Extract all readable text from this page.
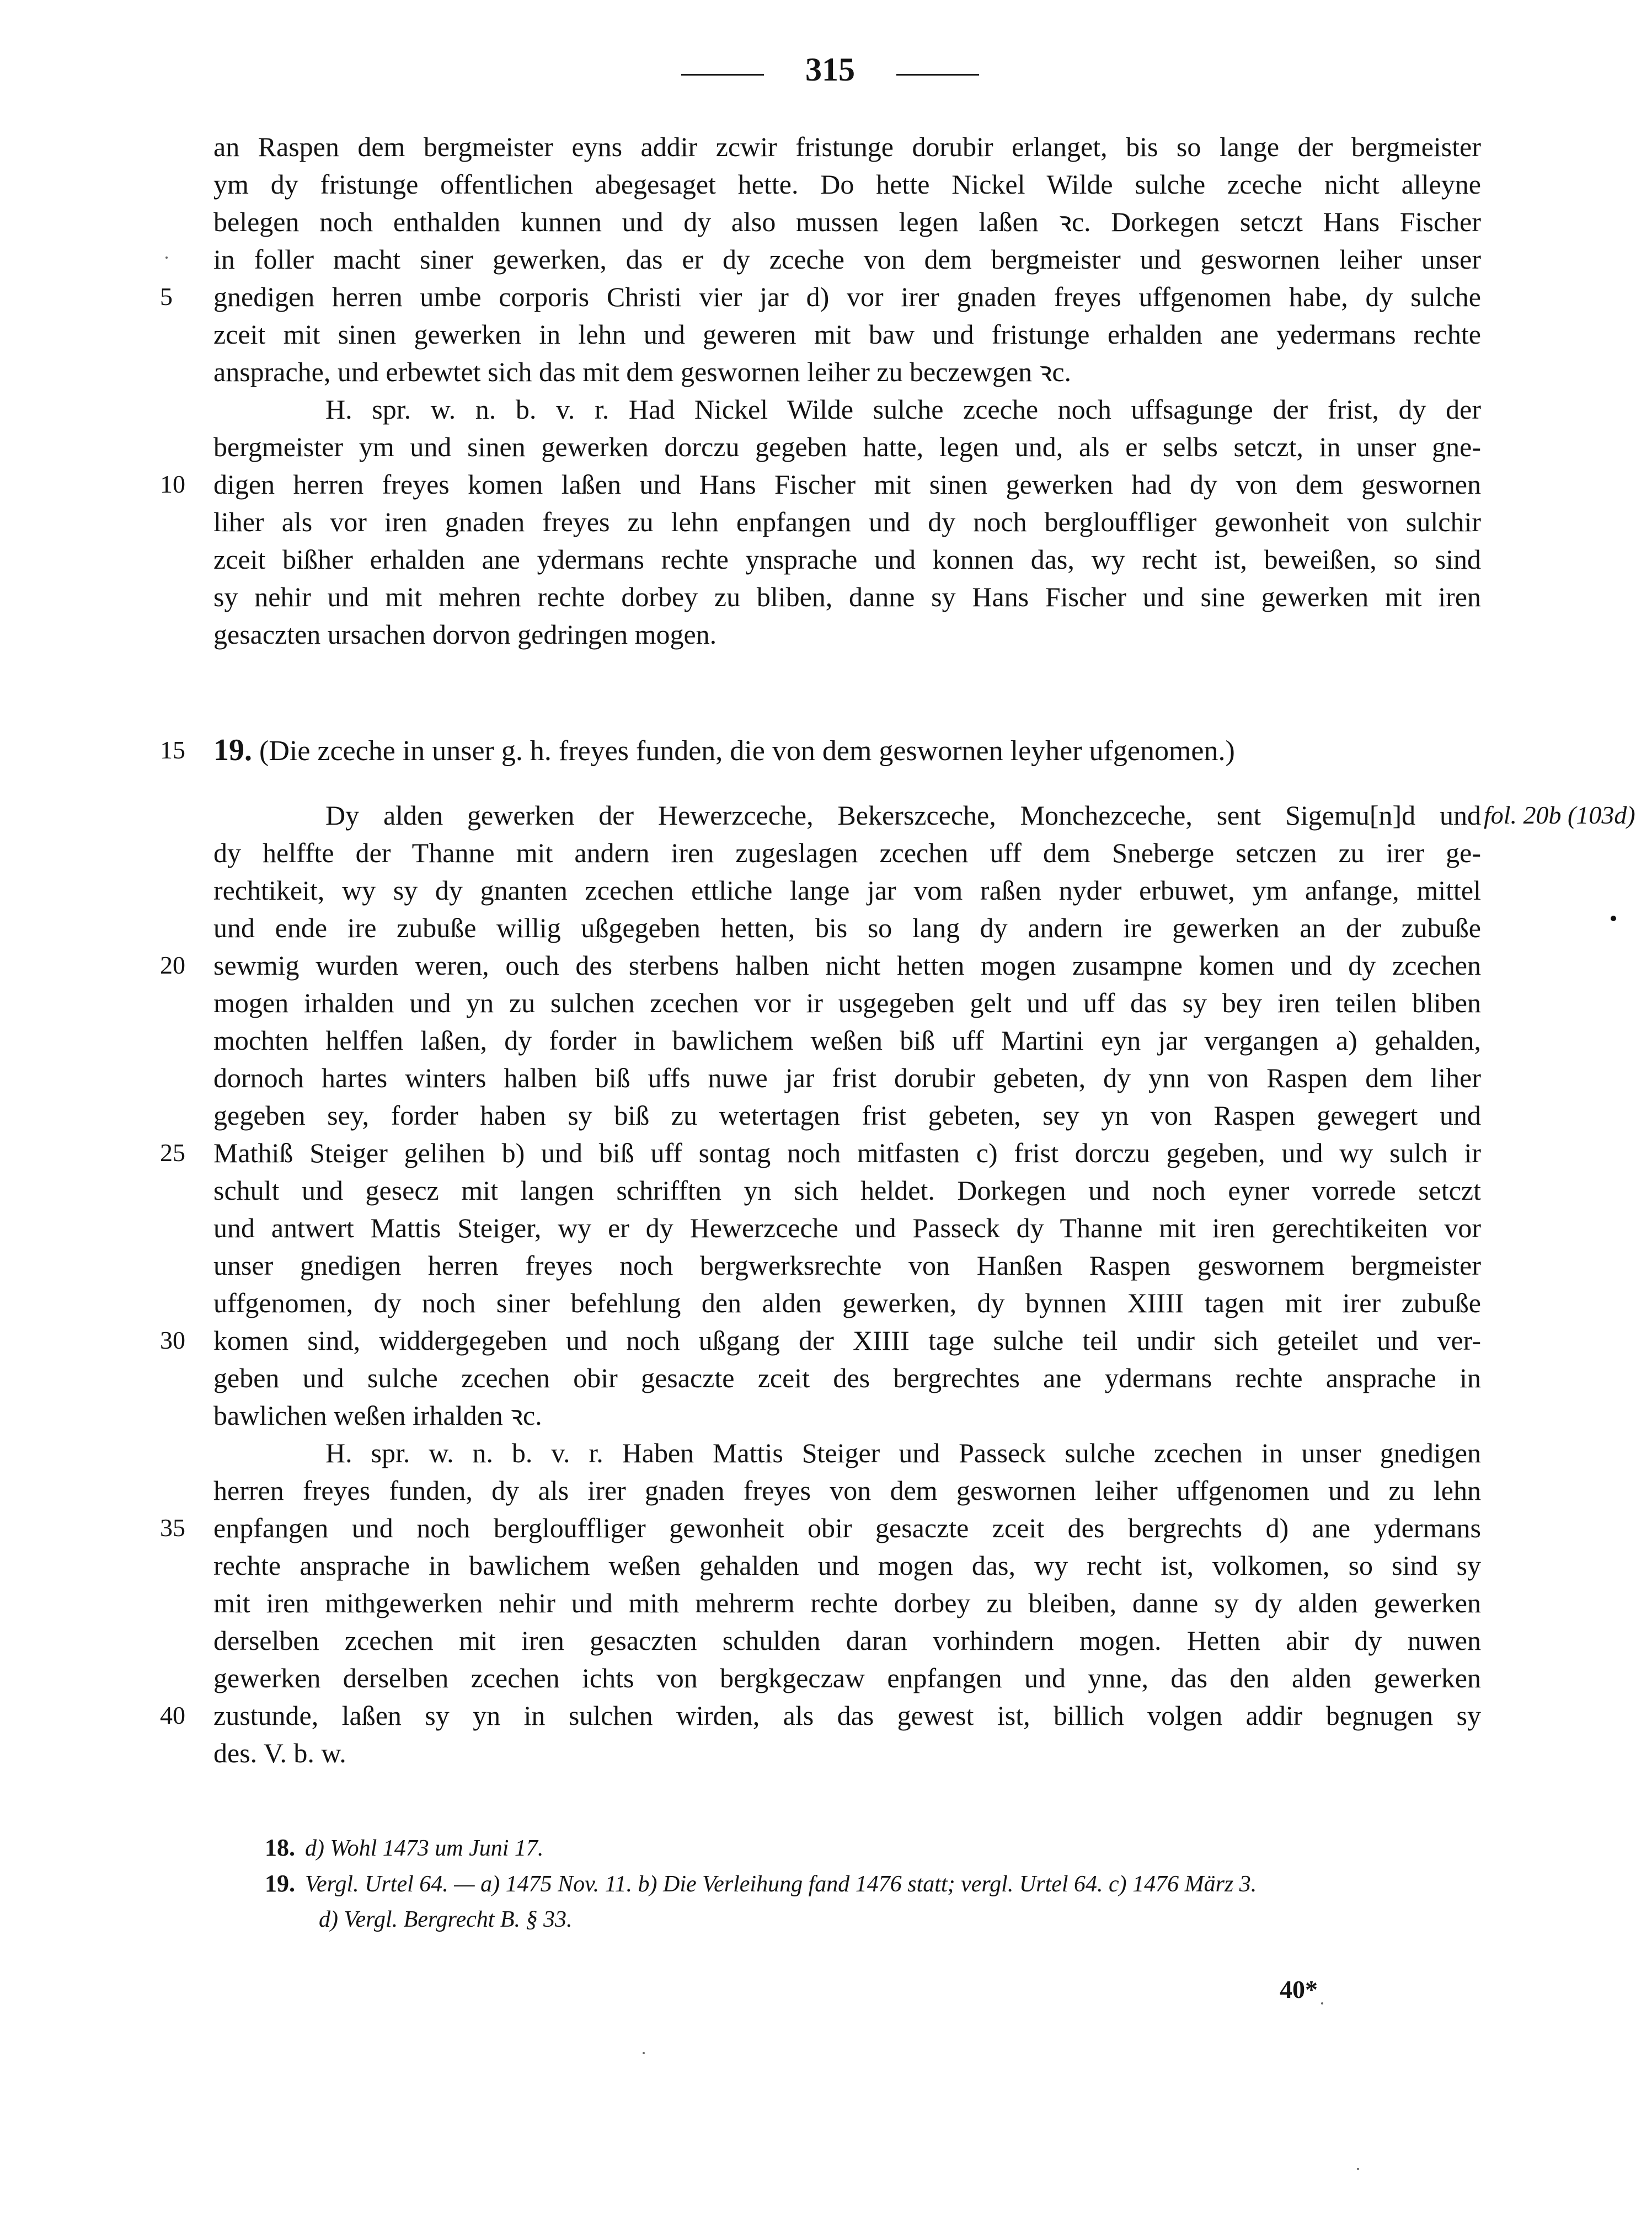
315
an Raspen dem bergmeister eyns addir zcwir fristunge dorubir erlanget, bis so lange der bergmeister
ym dy fristunge offentlichen abegesaget hette. Do hette Nickel Wilde sulche zceche nicht alleyne
belegen noch enthalden kunnen und dy also mussen legen laßen ꝛc. Dorkegen setczt Hans Fischer
in foller macht siner gewerken, das er dy zceche von dem bergmeister und geswornen leiher unser
gnedigen herren umbe corporis Christi vier jar d) vor irer gnaden freyes uffgenomen habe, dy sulche
zceit mit sinen gewerken in lehn und geweren mit baw und fristunge erhalden ane yedermans rechte
ansprache, und erbewtet sich das mit dem geswornen leiher zu beczewgen ꝛc.
H. spr. w. n. b. v. r. Had Nickel Wilde sulche zceche noch uffsagunge der frist, dy der
bergmeister ym und sinen gewerken dorczu gegeben hatte, legen und, als er selbs setczt, in unser gne-
digen herren freyes komen laßen und Hans Fischer mit sinen gewerken had dy von dem geswornen
liher als vor iren gnaden freyes zu lehn enpfangen und dy noch berglouffliger gewonheit von sulchir
zceit bißher erhalden ane ydermans rechte ynsprache und konnen das, wy recht ist, beweißen, so sind
sy nehir und mit mehren rechte dorbey zu bliben, danne sy Hans Fischer und sine gewerken mit iren
gesaczten ursachen dorvon gedringen mogen.
5
10
15 19. (Die zceche in unser g. h. freyes funden, die von dem geswornen leyher ufgenomen.)
fol. 20b (103d)
Dy alden gewerken der Hewerzceche, Bekerszceche, Monchezceche, sent Sigemu[n]d und
dy helffte der Thanne mit andern iren zugeslagen zcechen uff dem Sneberge setczen zu irer ge-
rechtikeit, wy sy dy gnanten zcechen ettliche lange jar vom raßen nyder erbuwet, ym anfange, mittel
und ende ire zubuße willig ußgegeben hetten, bis so lang dy andern ire gewerken an der zubuße
sewmig wurden weren, ouch des sterbens halben nicht hetten mogen zusampne komen und dy zcechen
mogen irhalden und yn zu sulchen zcechen vor ir usgegeben gelt und uff das sy bey iren teilen bliben
mochten helffen laßen, dy forder in bawlichem weßen biß uff Martini eyn jar vergangen a) gehalden,
dornoch hartes winters halben biß uffs nuwe jar frist dorubir gebeten, dy ynn von Raspen dem liher
gegeben sey, forder haben sy biß zu wetertagen frist gebeten, sey yn von Raspen gewegert und
Mathiß Steiger gelihen b) und biß uff sontag noch mitfasten c) frist dorczu gegeben, und wy sulch ir
schult und gesecz mit langen schrifften yn sich heldet. Dorkegen und noch eyner vorrede setczt
und antwert Mattis Steiger, wy er dy Hewerzceche und Passeck dy Thanne mit iren gerechtikeiten vor
unser gnedigen herren freyes noch bergwerksrechte von Hanßen Raspen geswornem bergmeister
uffgenomen, dy noch siner befehlung den alden gewerken, dy bynnen XIIII tagen mit irer zubuße
komen sind, widdergegeben und noch ußgang der XIIII tage sulche teil undir sich geteilet und ver-
geben und sulche zcechen obir gesaczte zceit des bergrechtes ane ydermans rechte ansprache in
bawlichen weßen irhalden ꝛc.
H. spr. w. n. b. v. r. Haben Mattis Steiger und Passeck sulche zcechen in unser gnedigen
herren freyes funden, dy als irer gnaden freyes von dem geswornen leiher uffgenomen und zu lehn
enpfangen und noch berglouffliger gewonheit obir gesaczte zceit des bergrechts d) ane ydermans
rechte ansprache in bawlichem weßen gehalden und mogen das, wy recht ist, volkomen, so sind sy
mit iren mithgewerken nehir und mith mehrerm rechte dorbey zu bleiben, danne sy dy alden gewerken
derselben zcechen mit iren gesaczten schulden daran vorhindern mogen. Hetten abir dy nuwen
gewerken derselben zcechen ichts von bergkgeczaw enpfangen und ynne, das den alden gewerken
zustunde, laßen sy yn in sulchen wirden, als das gewest ist, billich volgen addir begnugen sy
des. V. b. w.
20
25
30
35
40
18. d) Wohl 1473 um Juni 17.
19. Vergl. Urtel 64. — a) 1475 Nov. 11. b) Die Verleihung fand 1476 statt; vergl. Urtel 64. c) 1476 März 3.
d) Vergl. Bergrecht B. § 33.
40*
